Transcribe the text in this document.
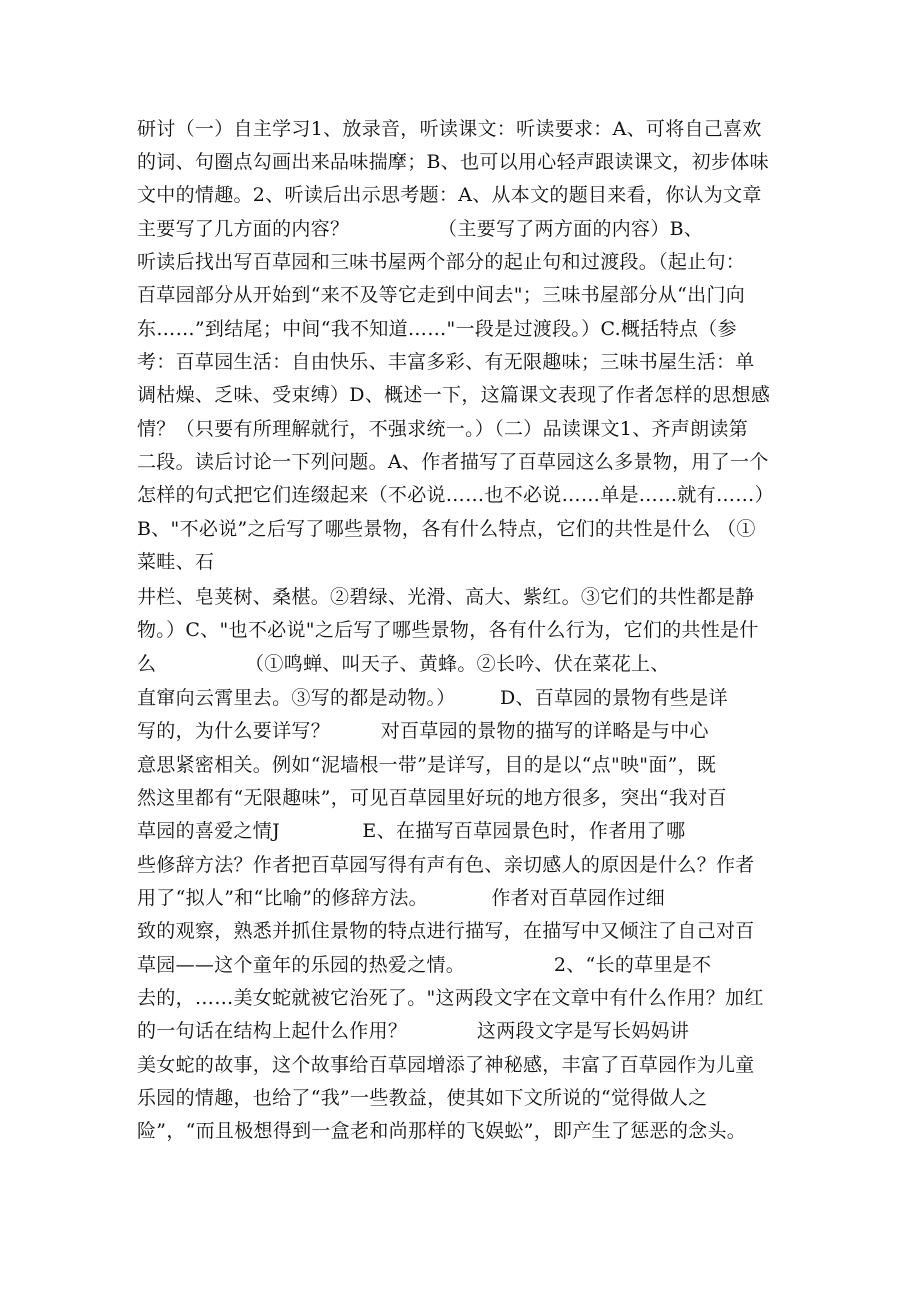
研讨（一）自主学习1、放录音，听读课文：听读要求：A、可将自己喜欢
的词、句圈点勾画出来品味揣摩；B、也可以用心轻声跟读课文，初步体味
文中的情趣。2、听读后出示思考题：A、从本文的题目来看，你认为文章
主要写了几方面的内容？              （主要写了两方面的内容）B、
听读后找出写百草园和三味书屋两个部分的起止句和过渡段。（起止句：
百草园部分从开始到“来不及等它走到中间去"；三味书屋部分从“出门向
东……”到结尾；中间“我不知道……"一段是过渡段。）C.概括特点（参
考：百草园生活：自由快乐、丰富多彩、有无限趣味；三味书屋生活：单
调枯燥、乏味、受束缚）D、概述一下，这篇课文表现了作者怎样的思想感
情？（只要有所理解就行，不强求统一。）（二）品读课文1、齐声朗读第
二段。读后讨论一下列问题。A、作者描写了百草园这么多景物，用了一个
怎样的句式把它们连缀起来（不必说……也不必说……单是……就有……）
B、"不必说”之后写了哪些景物，各有什么特点，它们的共性是什么 （①
菜畦、石
井栏、皂荚树、桑椹。②碧绿、光滑、高大、紫红。③它们的共性都是静
物。）C、"也不必说"之后写了哪些景物，各有什么行为，它们的共性是什
么              （①鸣蝉、叫天子、黄蜂。②长吟、伏在菜花上、
直窜向云霄里去。③写的都是动物。）       D、百草园的景物有些是详
写的，为什么要详写？        对百草园的景物的描写的详略是与中心
意思紧密相关。例如“泥墙根一带”是详写，目的是以“点"映"面”，既
然这里都有“无限趣味”，可见百草园里好玩的地方很多，突出“我对百
草园的喜爱之情J             E、在描写百草园景色时，作者用了哪
些修辞方法？作者把百草园写得有声有色、亲切感人的原因是什么？作者
用了“拟人”和“比喻”的修辞方法。          作者对百草园作过细
致的观察，熟悉并抓住景物的特点进行描写，在描写中又倾注了自己对百
草园——这个童年的乐园的热爱之情。              2、“长的草里是不
去的，……美女蛇就被它治死了。"这两段文字在文章中有什么作用？加红
的一句话在结构上起什么作用？           这两段文字是写长妈妈讲
美女蛇的故事，这个故事给百草园增添了神秘感，丰富了百草园作为儿童
乐园的情趣，也给了“我”一些教益，使其如下文所说的“觉得做人之
险”，“而且极想得到一盒老和尚那样的飞娱蚣”，即产生了惩恶的念头。
